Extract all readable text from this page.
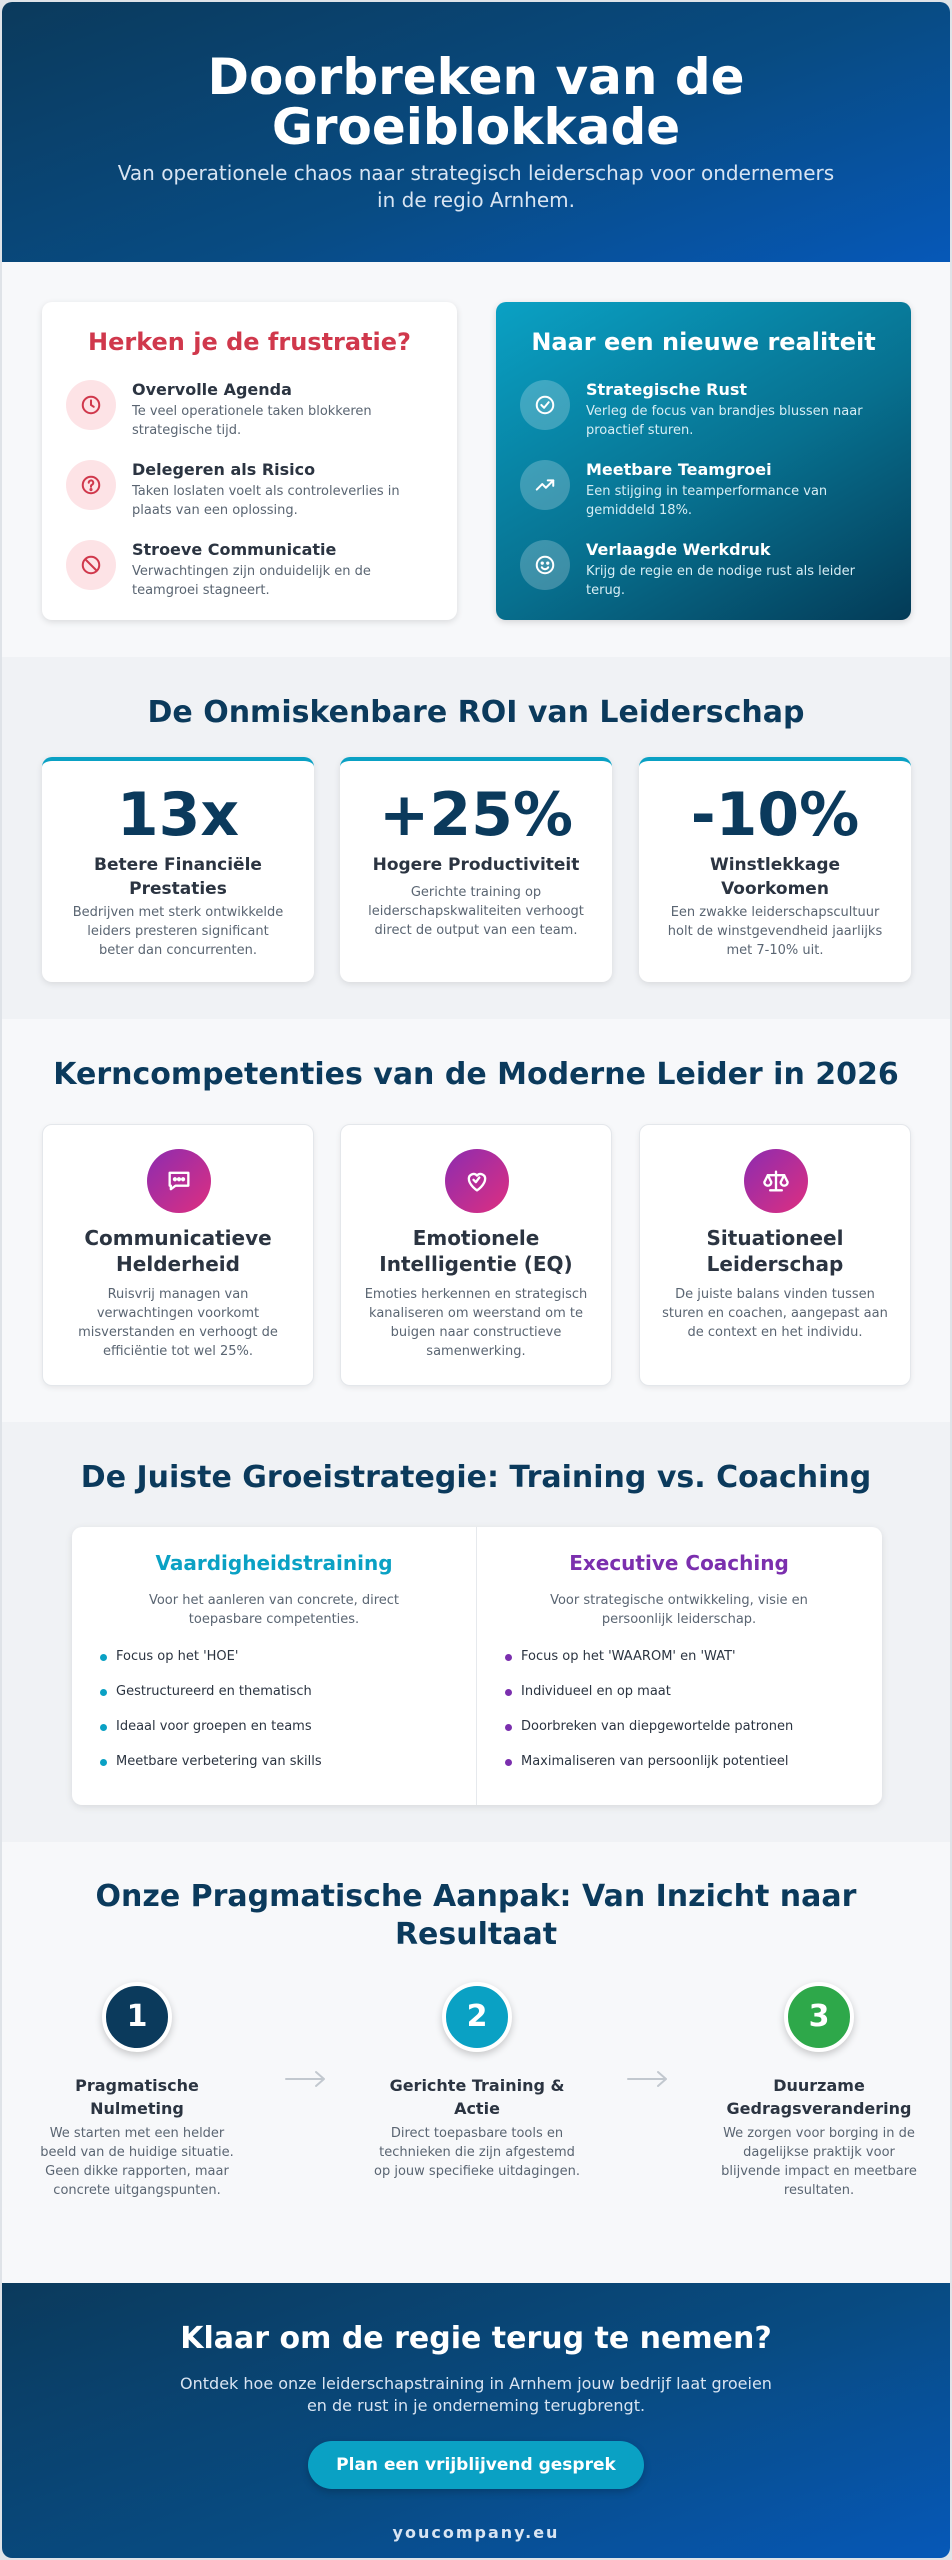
Doorbreken van de Groeiblokkade

Van operationele chaos naar strategisch leiderschap voor ondernemers in de regio Arnhem.

Herken je de frustratie?
Overvolle Agenda
Te veel operationele taken blokkeren strategische tijd.
Delegeren als Risico
Taken loslaten voelt als controleverlies in plaats van een oplossing.
Stroeve Communicatie
Verwachtingen zijn onduidelijk en de teamgroei stagneert.
Naar een nieuwe realiteit
Strategische Rust
Verleg de focus van brandjes blussen naar proactief sturen.
Meetbare Teamgroei
Een stijging in teamperformance van gemiddeld 18%.
Verlaagde Werkdruk
Krijg de regie en de nodige rust als leider terug.
De Onmiskenbare ROI van Leiderschap
13x
Betere Financiële Prestaties
Bedrijven met sterk ontwikkelde leiders presteren significant beter dan concurrenten.
+25%
Hogere Productiviteit
Gerichte training op leiderschapskwaliteiten verhoogt direct de output van een team.
-10%
Winstlekkage Voorkomen
Een zwakke leiderschapscultuur holt de winstgevendheid jaarlijks met 7-10% uit.
Kerncompetenties van de Moderne Leider in 2026
Communicatieve Helderheid
Ruisvrij managen van verwachtingen voorkomt misverstanden en verhoogt de efficiëntie tot wel 25%.
Emotionele Intelligentie (EQ)
Emoties herkennen en strategisch kanaliseren om weerstand om te buigen naar constructieve samenwerking.
Situationeel Leiderschap
De juiste balans vinden tussen sturen en coachen, aangepast aan de context en het individu.
De Juiste Groeistrategie: Training vs. Coaching
Vaardigheidstraining
Voor het aanleren van concrete, direct toepasbare competenties.
Focus op het 'HOE'
Gestructureerd en thematisch
Ideaal voor groepen en teams
Meetbare verbetering van skills
Executive Coaching
Voor strategische ontwikkeling, visie en persoonlijk leiderschap.
Focus op het 'WAAROM' en 'WAT'
Individueel en op maat
Doorbreken van diepgewortelde patronen
Maximaliseren van persoonlijk potentieel
Onze Pragmatische Aanpak: Van Inzicht naar Resultaat
1
Pragmatische Nulmeting
We starten met een helder beeld van de huidige situatie. Geen dikke rapporten, maar concrete uitgangspunten.
2
Gerichte Training & Actie
Direct toepasbare tools en technieken die zijn afgestemd op jouw specifieke uitdagingen.
3
Duurzame Gedragsverandering
We zorgen voor borging in de dagelijkse praktijk voor blijvende impact en meetbare resultaten.
Klaar om de regie terug te nemen?

Ontdek hoe onze leiderschapstraining in Arnhem jouw bedrijf laat groeien en de rust in je onderneming terugbrengt.

Plan een vrijblijvend gesprek
youcompany.eu
